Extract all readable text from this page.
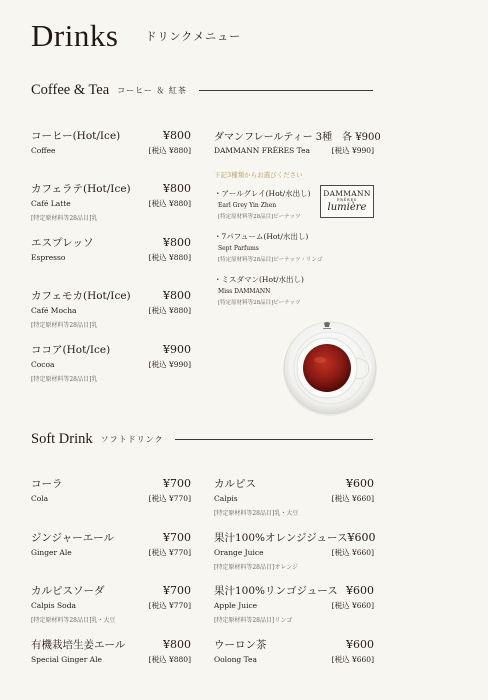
Drinks ドリンクメニュー
Coffee & Tea コーヒー ＆ 紅茶
コーヒー(Hot/Ice)	¥800
Coffee	[税込 ¥880]
カフェラテ(Hot/Ice)	¥800
Café Latte	[税込 ¥880]
[特定原材料等28品目]乳
エスプレッソ	¥800
Espresso	[税込 ¥880]
カフェモカ(Hot/Ice)	¥800
Café Mocha	[税込 ¥880]
[特定原材料等28品目]乳
ココア(Hot/Ice)	¥900
Cocoa	[税込 ¥990]
[特定原材料等28品目]乳
ダマンフレールティー 3種　各 ¥900
DAMMANN FRÈRES Tea	[税込 ¥990]
下記3種類からお選びください
・アールグレイ(Hot/水出し)
Earl Grey Yin Zhen
[特定原材料等28品目]ピーナッツ
・7パフューム(Hot/水出し)
Sept Parfums
[特定原材料等28品目]ピーナッツ・リンゴ
・ミスダマン(Hot/水出し)
Miss DAMMANN
[特定原材料等28品目]ピーナッツ
DAMMANN
FRÈRES
lumière
Soft Drink ソフトドリンク
コーラ	¥700
Cola	[税込 ¥770]
ジンジャーエール	¥700
Ginger Ale	[税込 ¥770]
カルピスソーダ	¥700
Calpis Soda	[税込 ¥770]
[特定原材料等28品目]乳・大豆
有機栽培生姜エール	¥800
Special Ginger Ale	[税込 ¥880]
カルピス	¥600
Calpis	[税込 ¥660]
[特定原材料等28品目]乳・大豆
果汁100%オレンジジュース ¥600
Orange Juice	[税込 ¥660]
[特定原材料等28品目]オレンジ
果汁100%リンゴジュース ¥600
Apple Juice	[税込 ¥660]
[特定原材料等28品目]リンゴ
ウーロン茶	¥600
Oolong Tea	[税込 ¥660]
